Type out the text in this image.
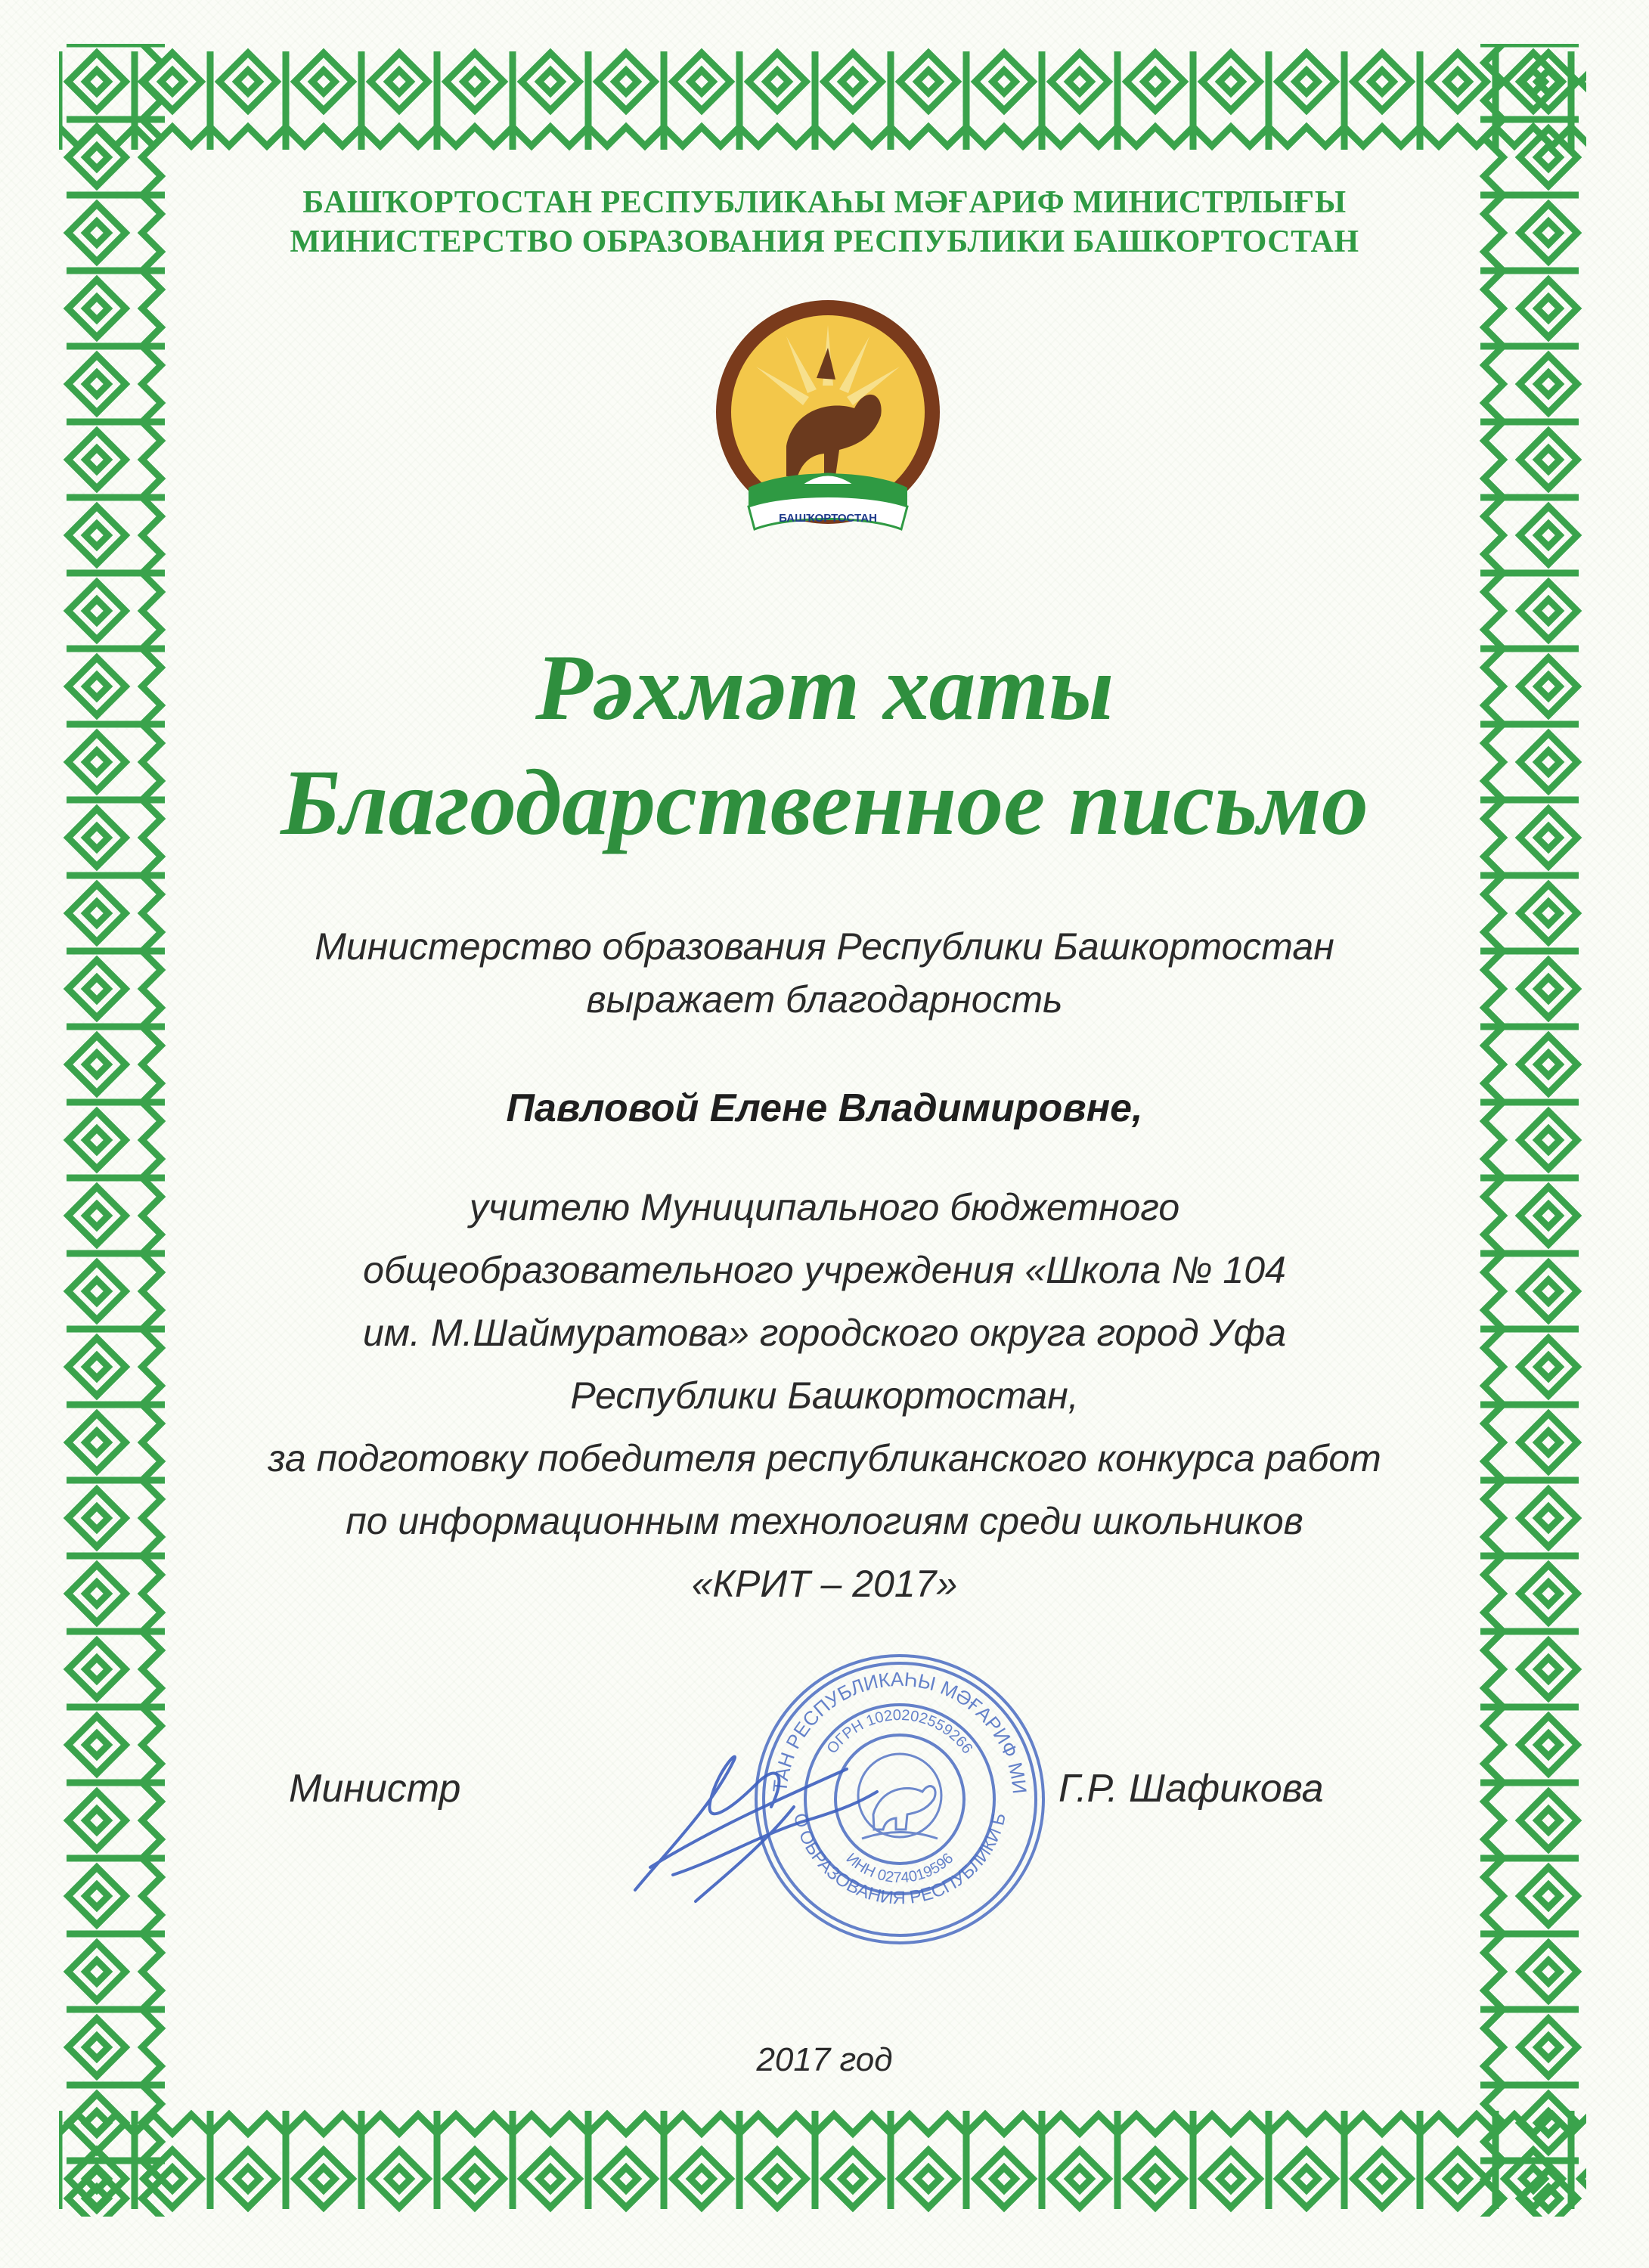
БАШҠОРТОСТАН РЕСПУБЛИКАҺЫ МӘҒАРИФ МИНИСТРЛЫҒЫ
МИНИСТЕРСТВО ОБРАЗОВАНИЯ РЕСПУБЛИКИ БАШКОРТОСТАН
БАШҠОРТОСТАН
Рәхмәт хаты
Благодарственное письмо
Министерство образования Республики Башкортостан
выражает благодарность
Павловой Елене Владимировне,
учителю Муниципального бюджетного
общеобразовательного учреждения «Школа № 104
им. М.Шаймуратова» городского округа город Уфа
Республики Башкортостан,
за подготовку победителя республиканского конкурса работ
по информационным технологиям среди школьников
«КРИТ – 2017»
ТАН РЕСПУБЛИКАҺЫ МӘҒАРИФ МИ
О ОБРАЗОВАНИЯ РЕСПУБЛИКИ Б
ОГРН 1020202559266
ИНН 0274019596
Министр	Г.Р. Шафикова
2017 год
